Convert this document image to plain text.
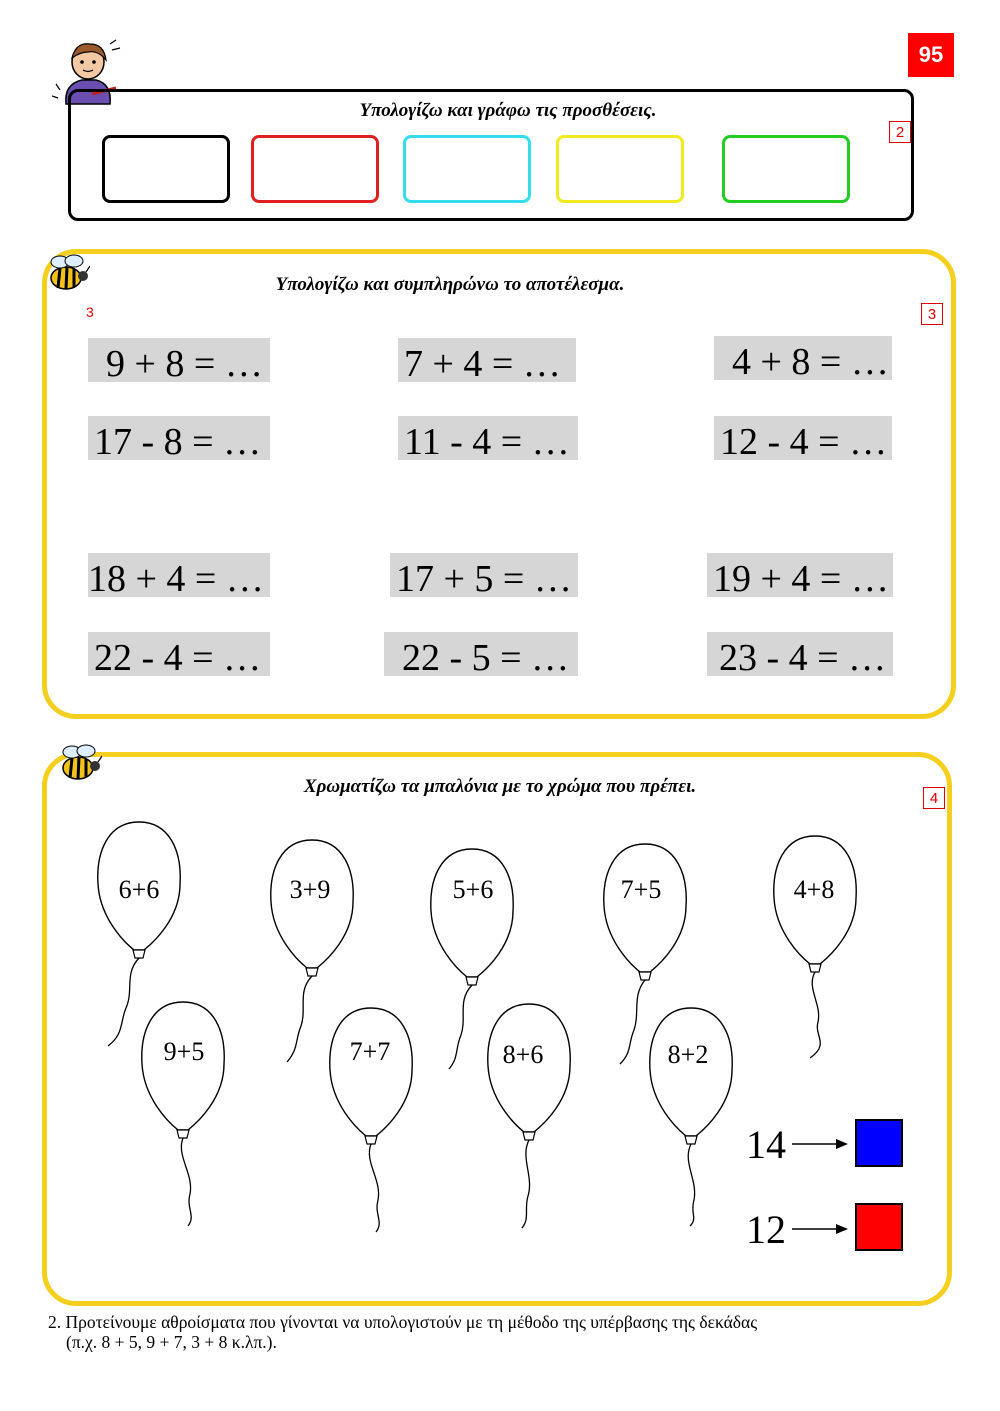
95
Υπολογίζω και γράφω τις προσθέσεις.
2
Υπολογίζω και συμπληρώνω το αποτέλεσμα.
3	3
9 + 8 = …	7 + 4 = …	4 + 8 = …
17 - 8 = …	11 - 4 = …	12 - 4 = …
18 + 4 = …	17 + 5 = …	19 + 4 = …
22 - 4 = …	22 - 5 = …	23 - 4 = …
Χρωματίζω τα μπαλόνια με το χρώμα που πρέπει.
4
6+6	3+9	5+6	7+5	4+8
9+5	7+7	8+6	8+2
14
12
2. Προτείνουμε αθροίσματα που γίνονται να υπολογιστούν με τη μέθοδο της υπέρβασης της δεκάδας
(π.χ. 8 + 5, 9 + 7, 3 + 8 κ.λπ.).
